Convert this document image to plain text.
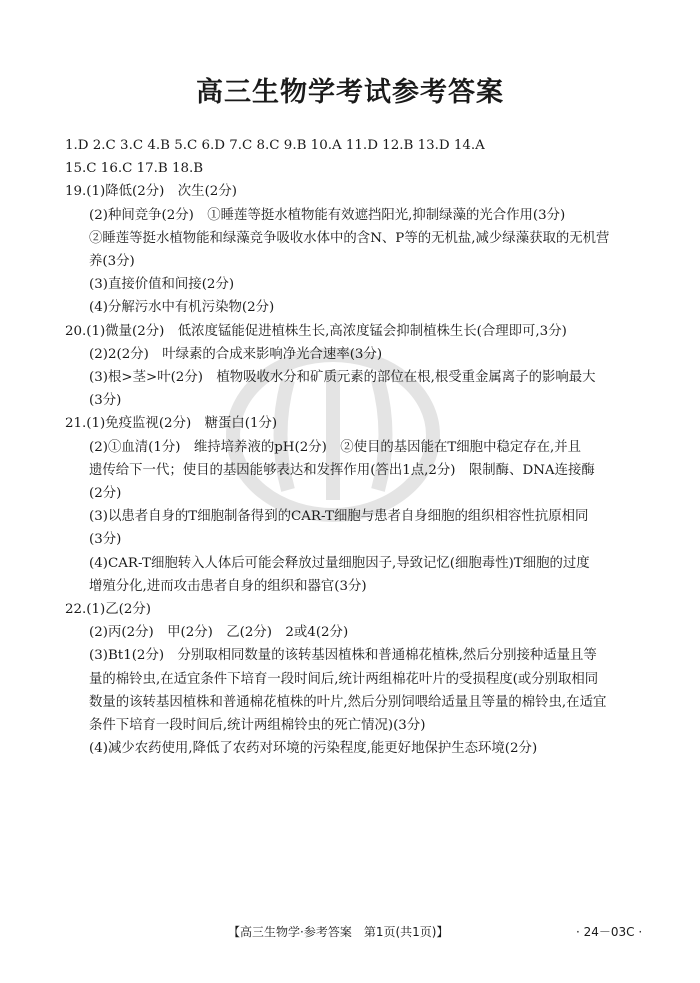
高三生物学考试参考答案
1.D 2.C 3.C 4.B 5.C 6.D 7.C 8.C 9.B 10.A 11.D 12.B 13.D 14.A
15.C 16.C 17.B 18.B
19.(1)降低(2分)　次生(2分)
(2)种间竞争(2分)　①睡莲等挺水植物能有效遮挡阳光,抑制绿藻的光合作用(3分)
②睡莲等挺水植物能和绿藻竞争吸收水体中的含N、P等的无机盐,减少绿藻获取的无机营
养(3分)
(3)直接价值和间接(2分)
(4)分解污水中有机污染物(2分)
20.(1)微量(2分)　低浓度锰能促进植株生长,高浓度锰会抑制植株生长(合理即可,3分)
(2)2(2分)　叶绿素的合成来影响净光合速率(3分)
(3)根>茎>叶(2分)　植物吸收水分和矿质元素的部位在根,根受重金属离子的影响最大
(3分)
21.(1)免疫监视(2分)　糖蛋白(1分)
(2)①血清(1分)　维持培养液的pH(2分)　②使目的基因能在T细胞中稳定存在,并且
遗传给下一代；使目的基因能够表达和发挥作用(答出1点,2分)　限制酶、DNA连接酶
(2分)
(3)以患者自身的T细胞制备得到的CAR-T细胞与患者自身细胞的组织相容性抗原相同
(3分)
(4)CAR-T细胞转入人体后可能会释放过量细胞因子,导致记忆(细胞毒性)T细胞的过度
增殖分化,进而攻击患者自身的组织和器官(3分)
22.(1)乙(2分)
(2)丙(2分)　甲(2分)　乙(2分)　2或4(2分)
(3)Bt1(2分)　分别取相同数量的该转基因植株和普通棉花植株,然后分别接种适量且等
量的棉铃虫,在适宜条件下培育一段时间后,统计两组棉花叶片的受损程度(或分别取相同
数量的该转基因植株和普通棉花植株的叶片,然后分别饲喂给适量且等量的棉铃虫,在适宜
条件下培育一段时间后,统计两组棉铃虫的死亡情况)(3分)
(4)减少农药使用,降低了农药对环境的污染程度,能更好地保护生态环境(2分)
【高三生物学·参考答案　第1页(共1页)】	· 24－03C ·
